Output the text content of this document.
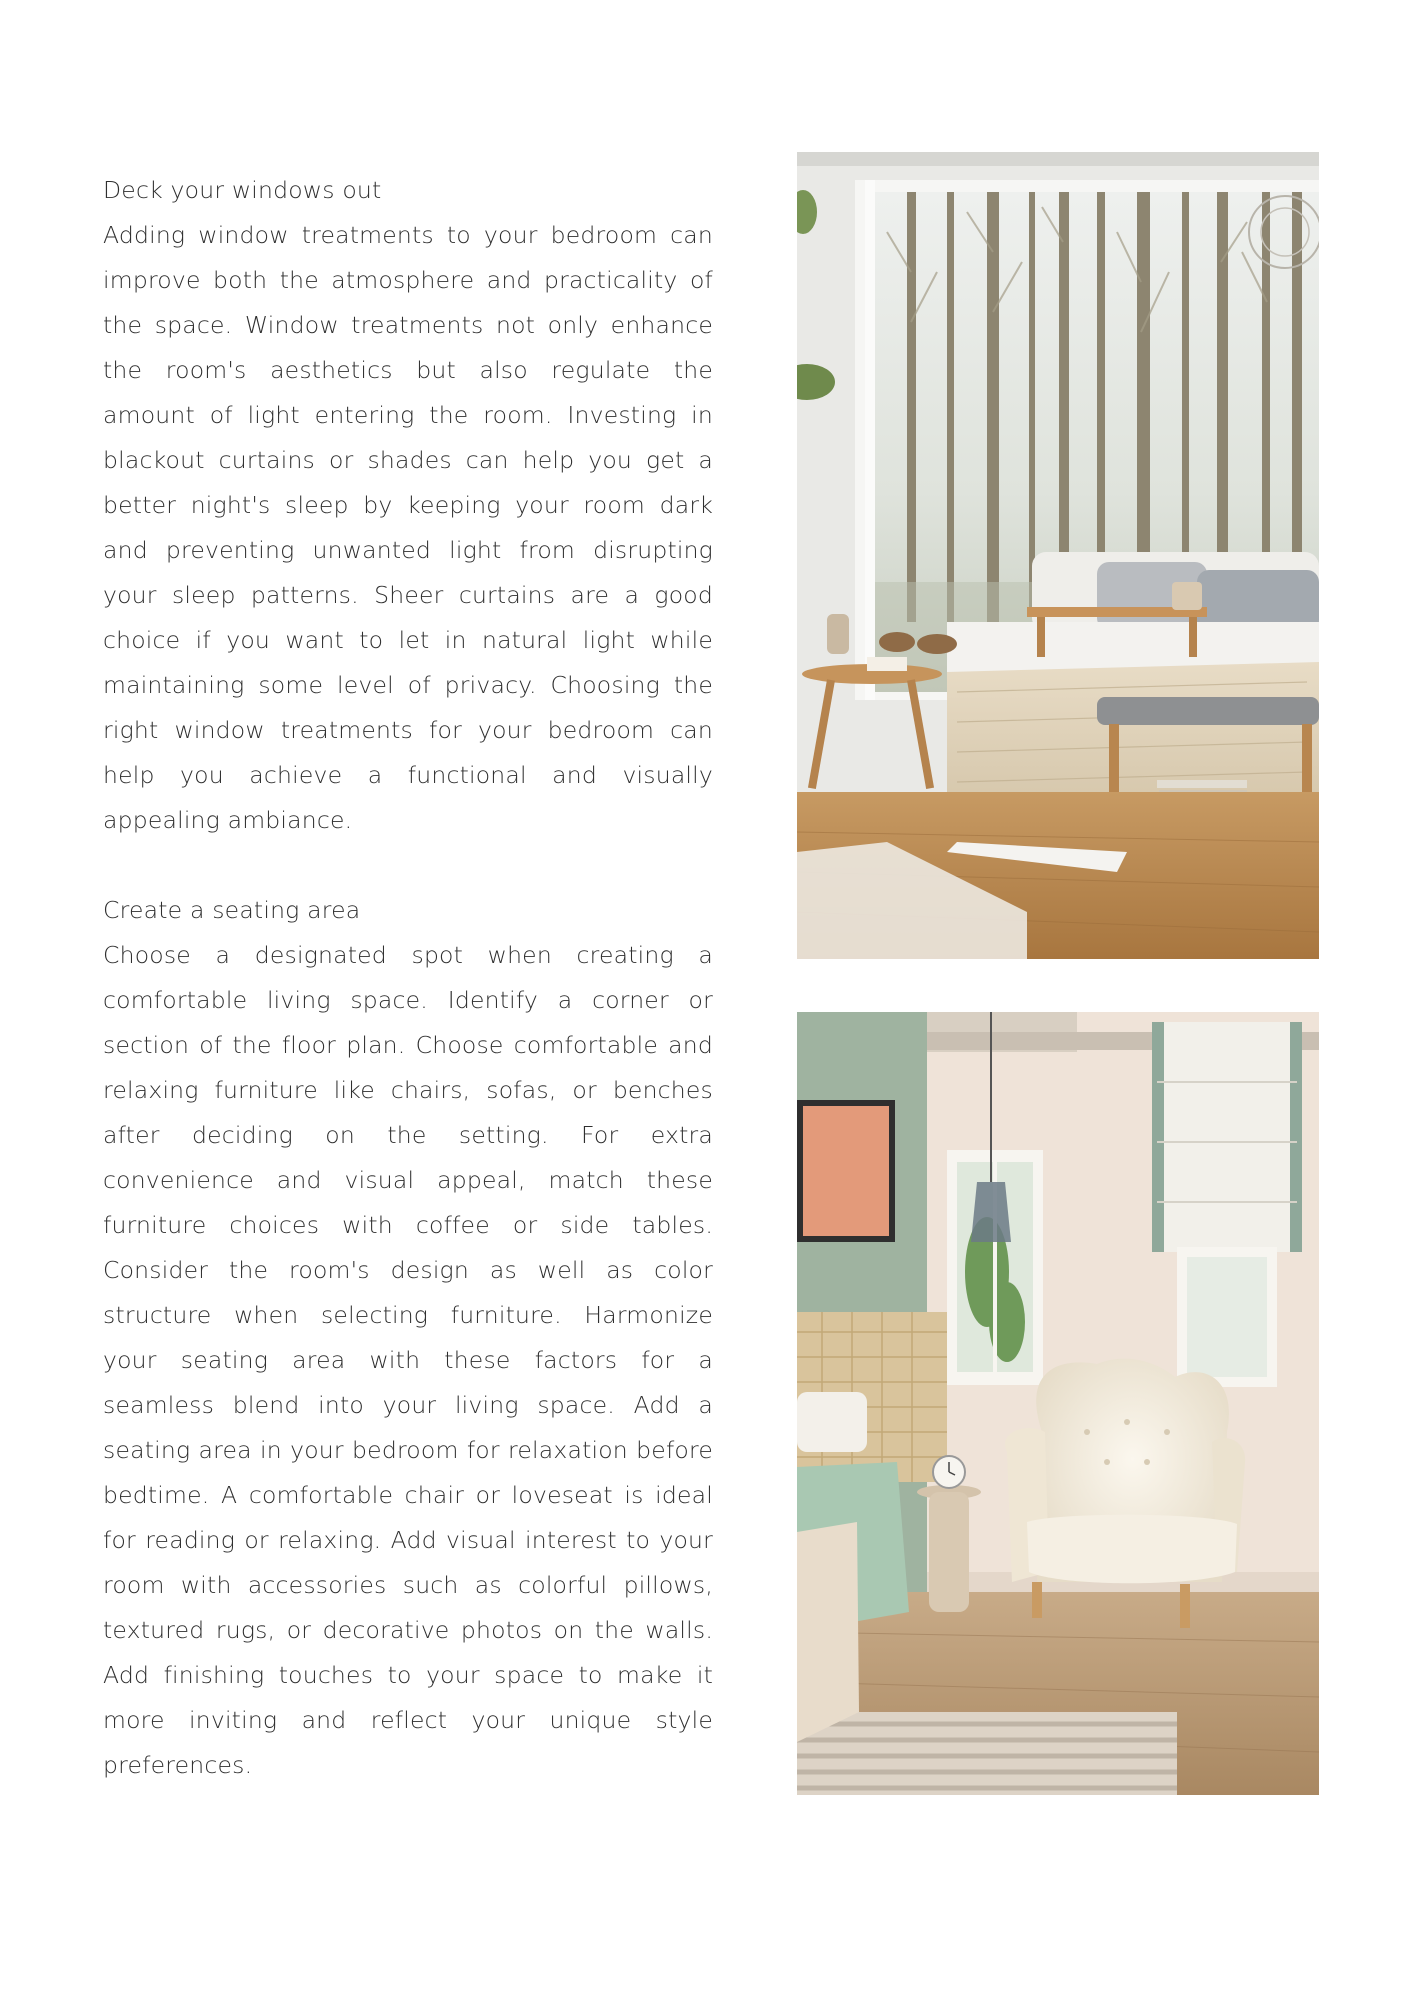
Deck your windows out

Adding window treatments to your bedroom can improve both the atmosphere and practicality of the space. Window treatments not only enhance the room's aesthetics but also regulate the amount of light entering the room. Investing in blackout curtains or shades can help you get a better night's sleep by keeping your room dark and preventing unwanted light from disrupting your sleep patterns. Sheer curtains are a good choice if you want to let in natural light while maintaining some level of privacy. Choosing the right window treatments for your bedroom can help you achieve a functional and visually appealing ambiance.

Create a seating area

Choose a designated spot when creating a comfortable living space. Identify a corner or section of the floor plan. Choose comfortable and relaxing furniture like chairs, sofas, or benches after deciding on the setting. For extra convenience and visual appeal, match these furniture choices with coffee or side tables. Consider the room's design as well as color structure when selecting furniture. Harmonize your seating area with these factors for a seamless blend into your living space. Add a seating area in your bedroom for relaxation before bedtime. A comfortable chair or loveseat is ideal for reading or relaxing. Add visual interest to your room with accessories such as colorful pillows, textured rugs, or decorative photos on the walls. Add finishing touches to your space to make it more inviting and reflect your unique style preferences.
